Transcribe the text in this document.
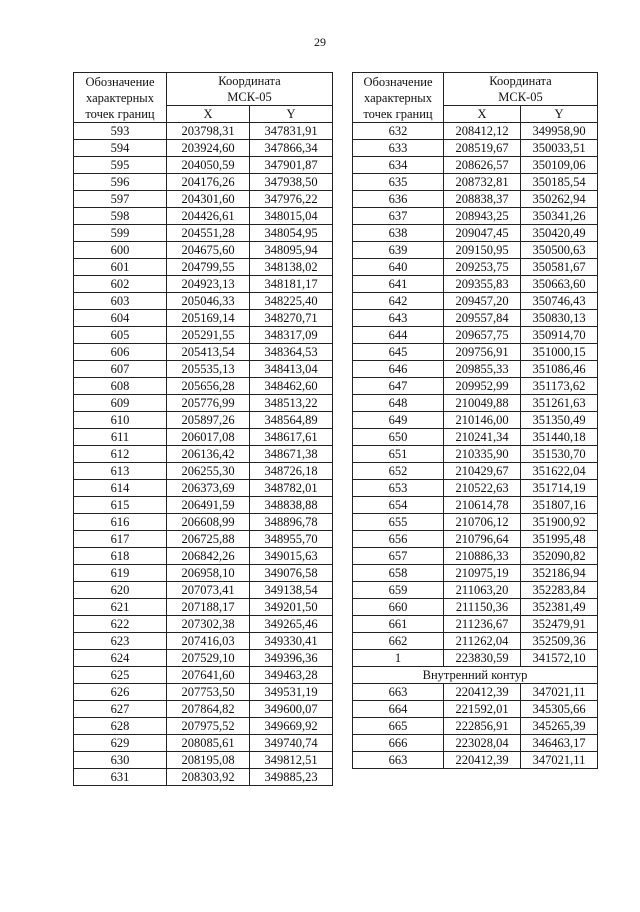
29
Обозначение
характерных
точек границ	Координата
МСК-05	
	X	Y
593	203798,31	347831,91
594	203924,60	347866,34
595	204050,59	347901,87
596	204176,26	347938,50
597	204301,60	347976,22
598	204426,61	348015,04
599	204551,28	348054,95
600	204675,60	348095,94
601	204799,55	348138,02
602	204923,13	348181,17
603	205046,33	348225,40
604	205169,14	348270,71
605	205291,55	348317,09
606	205413,54	348364,53
607	205535,13	348413,04
608	205656,28	348462,60
609	205776,99	348513,22
610	205897,26	348564,89
611	206017,08	348617,61
612	206136,42	348671,38
613	206255,30	348726,18
614	206373,69	348782,01
615	206491,59	348838,88
616	206608,99	348896,78
617	206725,88	348955,70
618	206842,26	349015,63
619	206958,10	349076,58
620	207073,41	349138,54
621	207188,17	349201,50
622	207302,38	349265,46
623	207416,03	349330,41
624	207529,10	349396,36
625	207641,60	349463,28
626	207753,50	349531,19
627	207864,82	349600,07
628	207975,52	349669,92
629	208085,61	349740,74
630	208195,08	349812,51
631	208303,92	349885,23
Обозначение
характерных
точек границ	Координата
МСК-05	
	X	Y
632	208412,12	349958,90
633	208519,67	350033,51
634	208626,57	350109,06
635	208732,81	350185,54
636	208838,37	350262,94
637	208943,25	350341,26
638	209047,45	350420,49
639	209150,95	350500,63
640	209253,75	350581,67
641	209355,83	350663,60
642	209457,20	350746,43
643	209557,84	350830,13
644	209657,75	350914,70
645	209756,91	351000,15
646	209855,33	351086,46
647	209952,99	351173,62
648	210049,88	351261,63
649	210146,00	351350,49
650	210241,34	351440,18
651	210335,90	351530,70
652	210429,67	351622,04
653	210522,63	351714,19
654	210614,78	351807,16
655	210706,12	351900,92
656	210796,64	351995,48
657	210886,33	352090,82
658	210975,19	352186,94
659	211063,20	352283,84
660	211150,36	352381,49
661	211236,67	352479,91
662	211262,04	352509,36
1	223830,59	341572,10
Внутренний контур		
663	220412,39	347021,11
664	221592,01	345305,66
665	222856,91	345265,39
666	223028,04	346463,17
663	220412,39	347021,11
